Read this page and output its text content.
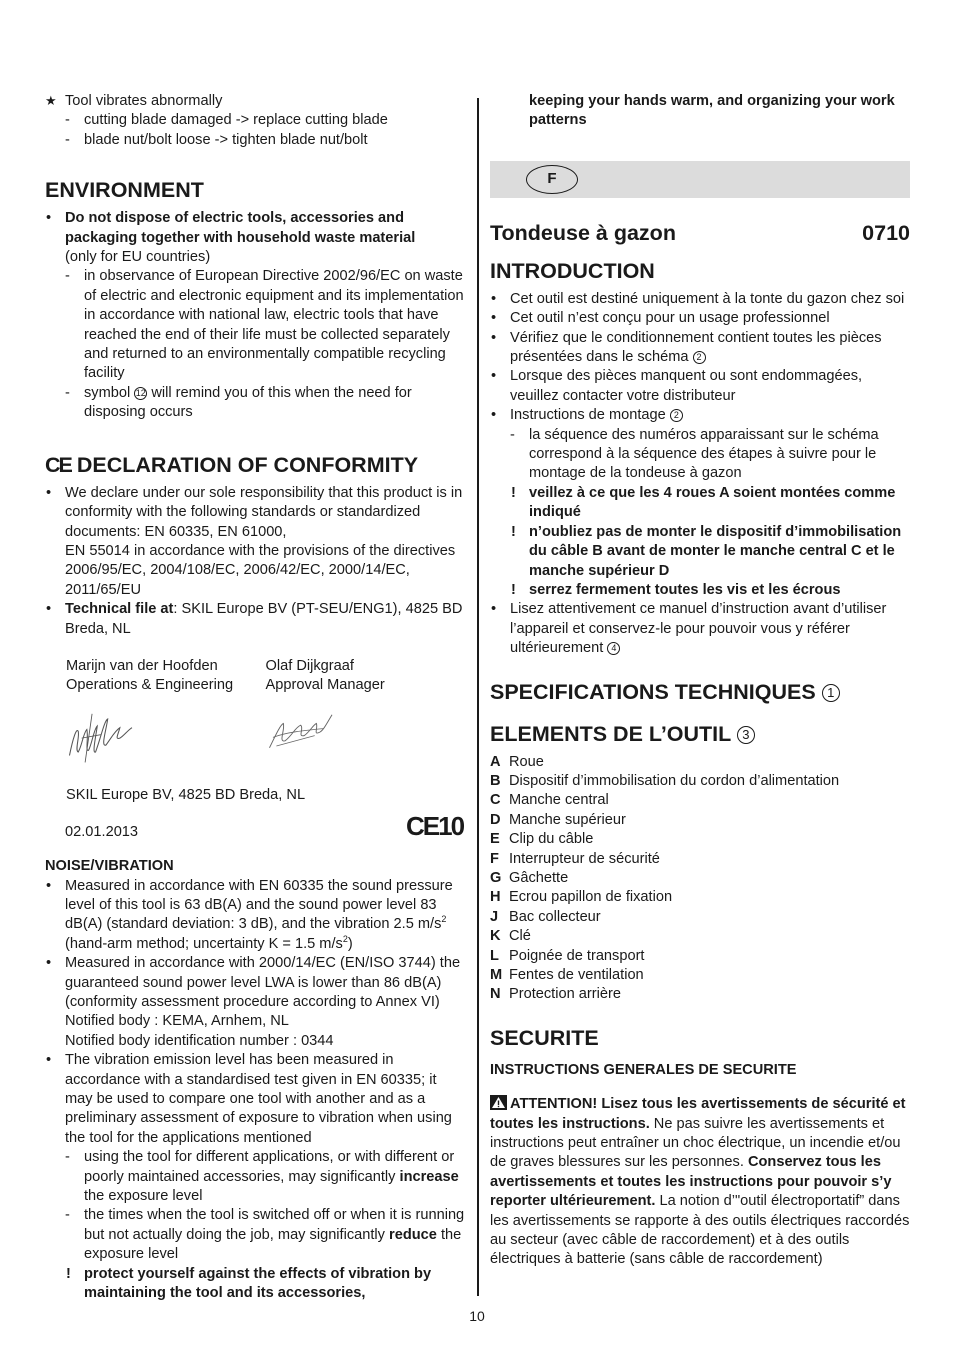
★ Tool vibrates abnormally
- cutting blade damaged -> replace cutting blade
- blade nut/bolt loose -> tighten blade nut/bolt
ENVIRONMENT
• Do not dispose of electric tools, accessories and packaging together with household waste material
(only for EU countries)
- in observance of European Directive 2002/96/EC on waste of electric and electronic equipment and its implementation in accordance with national law, electric tools that have reached the end of their life must be collected separately and returned to an environmentally compatible recycling facility
- symbol 12 will remind you of this when the need for disposing occurs
CE DECLARATION OF CONFORMITY
• We declare under our sole responsibility that this product is in conformity with the following standards or standardized documents: EN 60335, EN 61000,
EN 55014 in accordance with the provisions of the directives 2006/95/EC, 2004/108/EC, 2006/42/EC, 2000/14/EC, 2011/65/EU
• Technical file at: SKIL Europe BV (PT-SEU/ENG1), 4825 BD Breda, NL
Marijn van der Hoofden
Operations & Engineering
Olaf Dijkgraaf
Approval Manager
SKIL Europe BV, 4825 BD Breda, NL
02.01.2013	CE10
NOISE/VIBRATION
• Measured in accordance with EN 60335 the sound pressure level of this tool is 63 dB(A) and the sound power level 83 dB(A) (standard deviation: 3 dB), and the vibration 2.5 $m/s^2$ (hand-arm method; uncertainty K = 1.5 $m/s^2$)
• Measured in accordance with 2000/14/EC (EN/ISO 3744) the guaranteed sound power level LWA is lower than 86 dB(A) (conformity assessment procedure according to Annex VI)
Notified body : KEMA, Arnhem, NL
Notified body identification number : 0344
• The vibration emission level has been measured in accordance with a standardised test given in EN 60335; it may be used to compare one tool with another and as a preliminary assessment of exposure to vibration when using the tool for the applications mentioned
- using the tool for different applications, or with different or poorly maintained accessories, may significantly increase the exposure level
- the times when the tool is switched off or when it is running but not actually doing the job, may significantly reduce the exposure level
! protect yourself against the effects of vibration by maintaining the tool and its accessories,
keeping your hands warm, and organizing your work patterns
F
Tondeuse à gazon	0710
INTRODUCTION
• Cet outil est destiné uniquement à la tonte du gazon chez soi
• Cet outil n’est conçu pour un usage professionnel
• Vérifiez que le conditionnement contient toutes les pièces présentées dans le schéma 2
• Lorsque des pièces manquent ou sont endommagées, veuillez contacter votre distributeur
• Instructions de montage 2
- la séquence des numéros apparaissant sur le schéma correspond à la séquence des étapes à suivre pour le montage de la tondeuse à gazon
! veillez à ce que les 4 roues A soient montées comme indiqué
! n’oubliez pas de monter le dispositif d’immobilisation du câble B avant de monter le manche central C et le manche supérieur D
! serrez fermement toutes les vis et les écrous
• Lisez attentivement ce manuel d’instruction avant d’utiliser l’appareil et conservez-le pour pouvoir vous y référer ultérieurement 4
SPECIFICATIONS TECHNIQUES 1
ELEMENTS DE L’OUTIL 3
A Roue
B Dispositif d’immobilisation du cordon d’alimentation
C Manche central
D Manche supérieur
E Clip du câble
F Interrupteur de sécurité
G Gâchette
H Ecrou papillon de fixation
J Bac collecteur
K Clé
L Poignée de transport
M Fentes de ventilation
N Protection arrière
SECURITE
INSTRUCTIONS GENERALES DE SECURITE

ATTENTION! Lisez tous les avertissements de sécurité et toutes les instructions. Ne pas suivre les avertissements et instructions peut entraîner un choc électrique, un incendie et/ou de graves blessures sur les personnes. Conservez tous les avertissements et toutes les instructions pour pouvoir s’y reporter ultérieurement. La notion d’"outil électroportatif” dans les avertissements se rapporte à des outils électriques raccordés au secteur (avec câble de raccordement) et à des outils électriques à batterie (sans câble de raccordement)

10
